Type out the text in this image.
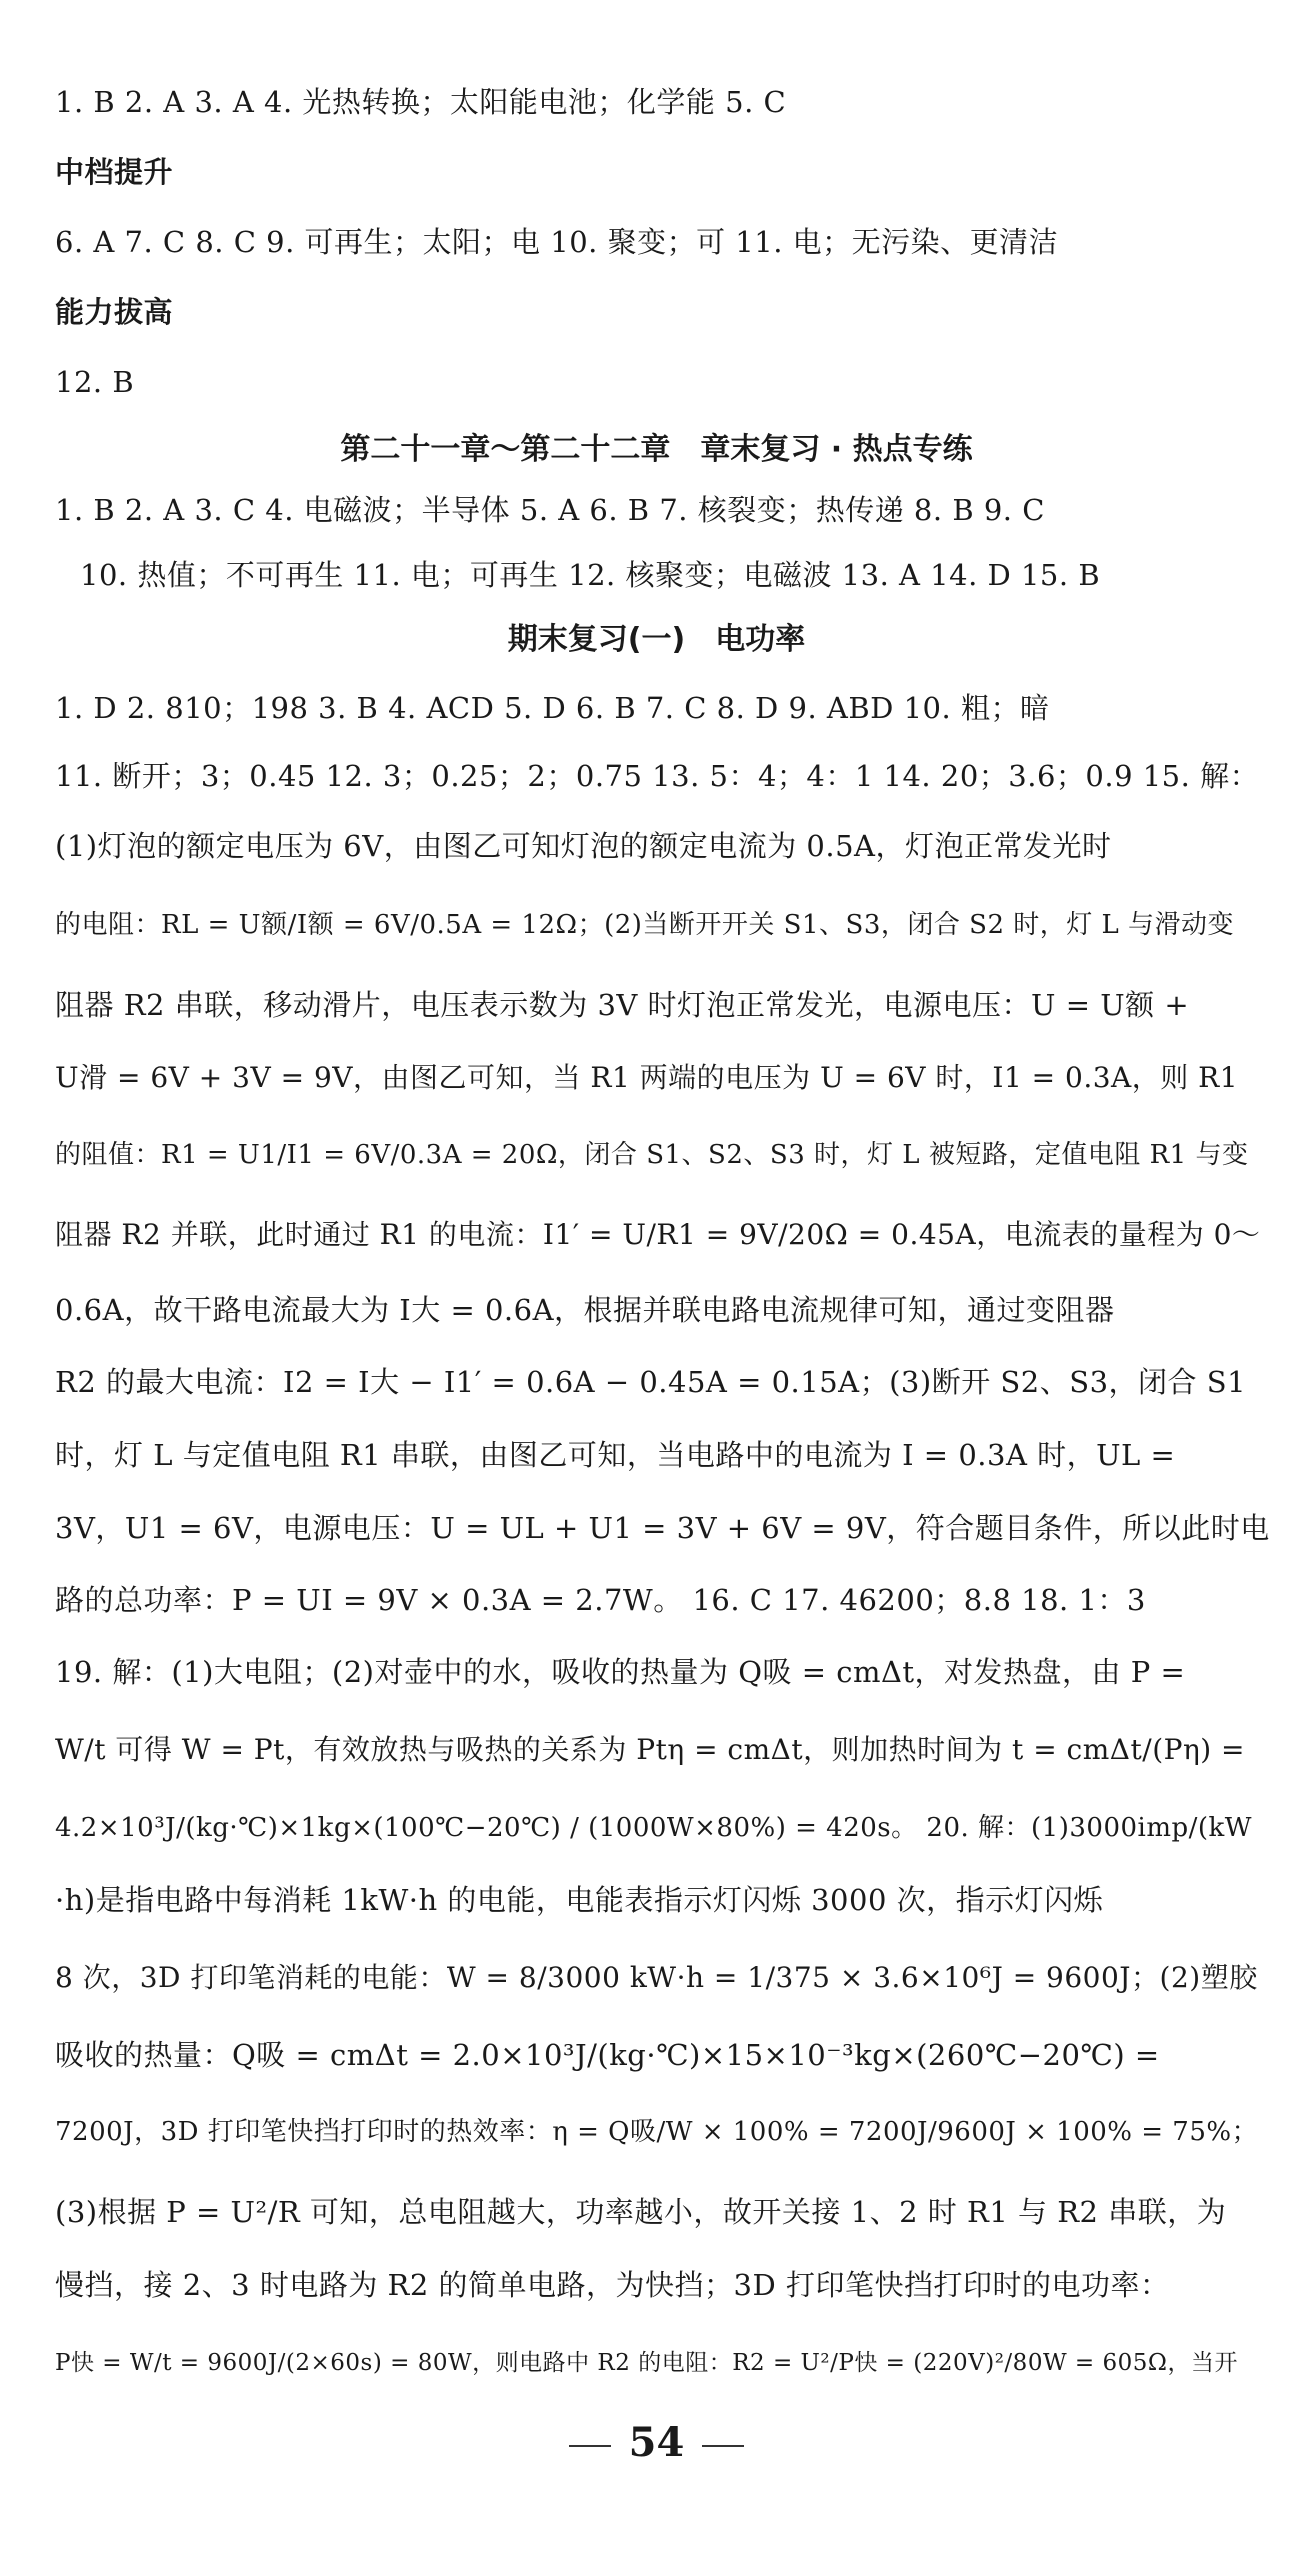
1. B 2. A 3. A 4. 光热转换；太阳能电池；化学能 5. C
中档提升
6. A 7. C 8. C 9. 可再生；太阳；电 10. 聚变；可 11. 电；无污染、更清洁
能力拔高
12. B
第二十一章～第二十二章　章末复习 · 热点专练
1. B 2. A 3. C 4. 电磁波；半导体 5. A 6. B 7. 核裂变；热传递 8. B 9. C
10. 热值；不可再生 11. 电；可再生 12. 核聚变；电磁波 13. A 14. D 15. B
期末复习(一)　电功率
1. D 2. 810；198 3. B 4. ACD 5. D 6. B 7. C 8. D 9. ABD 10. 粗；暗
11. 断开；3；0.45 12. 3；0.25；2；0.75 13. 5：4；4：1 14. 20；3.6；0.9 15. 解：
(1)灯泡的额定电压为 6V，由图乙可知灯泡的额定电流为 0.5A，灯泡正常发光时
的电阻：RL = U额/I额 = 6V/0.5A = 12Ω；(2)当断开开关 S1、S3，闭合 S2 时，灯 L 与滑动变
阻器 R2 串联，移动滑片，电压表示数为 3V 时灯泡正常发光，电源电压：U = U额 +
U滑 = 6V + 3V = 9V，由图乙可知，当 R1 两端的电压为 U = 6V 时，I1 = 0.3A，则 R1
的阻值：R1 = U1/I1 = 6V/0.3A = 20Ω，闭合 S1、S2、S3 时，灯 L 被短路，定值电阻 R1 与变
阻器 R2 并联，此时通过 R1 的电流：I1′ = U/R1 = 9V/20Ω = 0.45A，电流表的量程为 0～
0.6A，故干路电流最大为 I大 = 0.6A，根据并联电路电流规律可知，通过变阻器
R2 的最大电流：I2 = I大 − I1′ = 0.6A − 0.45A = 0.15A；(3)断开 S2、S3，闭合 S1
时，灯 L 与定值电阻 R1 串联，由图乙可知，当电路中的电流为 I = 0.3A 时，UL =
3V，U1 = 6V，电源电压：U = UL + U1 = 3V + 6V = 9V，符合题目条件，所以此时电
路的总功率：P = UI = 9V × 0.3A = 2.7W。 16. C 17. 46200；8.8 18. 1：3
19. 解：(1)大电阻；(2)对壶中的水，吸收的热量为 Q吸 = cmΔt，对发热盘，由 P =
W/t 可得 W = Pt，有效放热与吸热的关系为 Ptη = cmΔt，则加热时间为 t = cmΔt/(Pη) =
4.2×10³J/(kg·℃)×1kg×(100℃−20℃) / (1000W×80%) = 420s。 20. 解：(1)3000imp/(kW
·h)是指电路中每消耗 1kW·h 的电能，电能表指示灯闪烁 3000 次，指示灯闪烁
8 次，3D 打印笔消耗的电能：W = 8/3000 kW·h = 1/375 × 3.6×10⁶J = 9600J；(2)塑胶
吸收的热量：Q吸 = cmΔt = 2.0×10³J/(kg·℃)×15×10⁻³kg×(260℃−20℃) =
7200J，3D 打印笔快挡打印时的热效率：η = Q吸/W × 100% = 7200J/9600J × 100% = 75%；
(3)根据 P = U²/R 可知，总电阻越大，功率越小，故开关接 1、2 时 R1 与 R2 串联，为
慢挡，接 2、3 时电路为 R2 的简单电路，为快挡；3D 打印笔快挡打印时的电功率：
P快 = W/t = 9600J/(2×60s) = 80W，则电路中 R2 的电阻：R2 = U²/P快 = (220V)²/80W = 605Ω，当开
54
